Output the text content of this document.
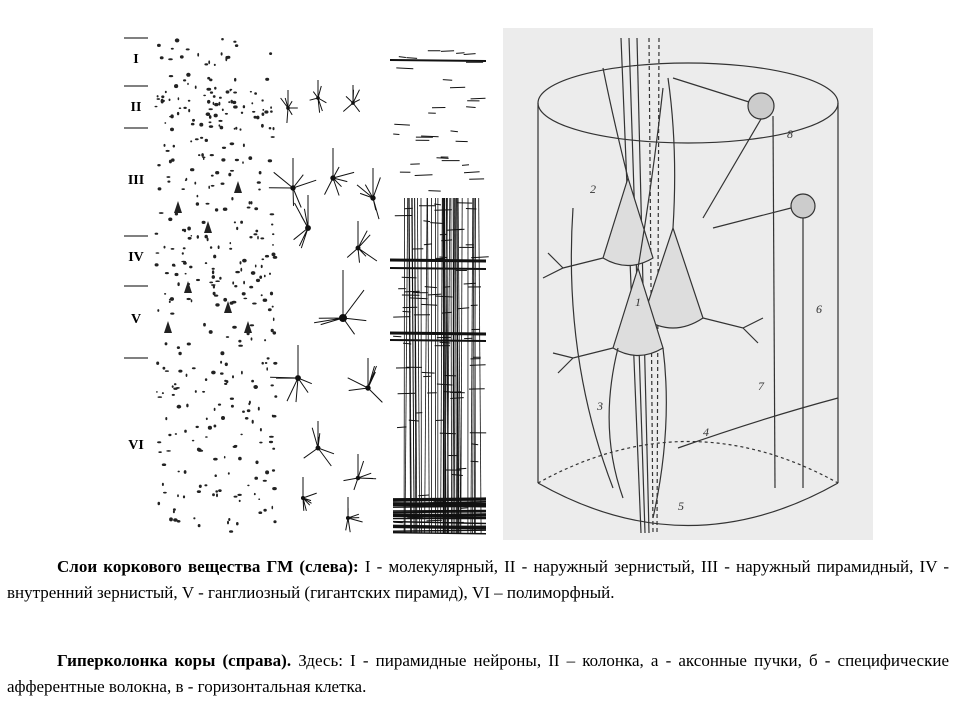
I
II
III
IV
V
VI
1
2
3
4
5
6
7
8

Слои коркового вещества ГМ (слева): I - молекулярный, II - наружный зернистый, III - наружный пирамидный, IV - внутренний зернистый, V - ганглиозный (гигантских пирамид), VI – полиморфный.

Гиперколонка коры (справа). Здесь: I - пирамидные нейроны, II – колонка, а - аксонные пучки, б - специфические афферентные волокна, в - горизонтальная клетка.
